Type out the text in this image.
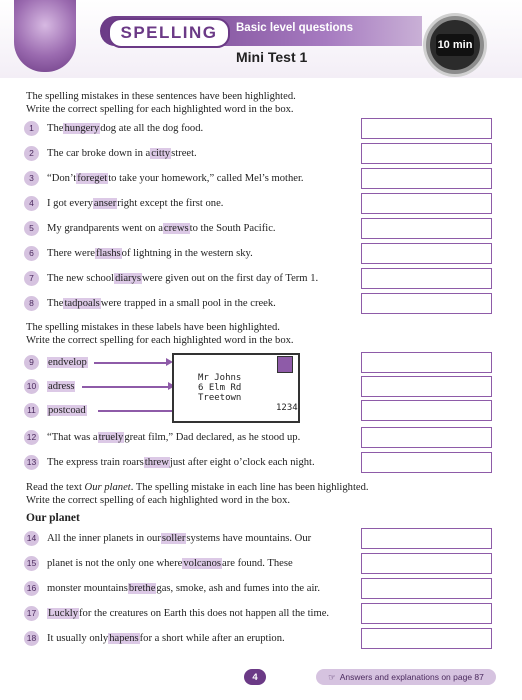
SPELLING	Basic level questions
Mini Test 1
10 min
The spelling mistakes in these sentences have been highlighted.
Write the correct spelling for each highlighted word in the box.
1	The hungery dog ate all the dog food.
2	The car broke down in a citty street.
3	“Don’t foreget to take your homework,” called Mel’s mother.
4	I got every anser right except the first one.
5	My grandparents went on a crews to the South Pacific.
6	There were flashs of lightning in the western sky.
7	The new school diarys were given out on the first day of Term 1.
8	The tadpoals were trapped in a small pool in the creek.
The spelling mistakes in these labels have been highlighted.
Write the correct spelling for each highlighted word in the box.
9	endvelop
10 adress
11 postcoad
Mr Johns
6 Elm Rd
Treetown
1234
12 “That was a truely great film,” Dad declared, as he stood up.
13 The express train roars threw just after eight o’clock each night.
Read the text Our planet. The spelling mistake in each line has been highlighted.
Write the correct spelling of each highlighted word in the box.
Our planet
14 All the inner planets in our soller systems have mountains. Our
15 planet is not the only one where volcanos are found. These
16 monster mountains brethe gas, smoke, ash and fumes into the air.
17 Luckly for the creatures on Earth this does not happen all the time.
18 It usually only hapens for a short while after an eruption.
4	☞ Answers and explanations on page 87
